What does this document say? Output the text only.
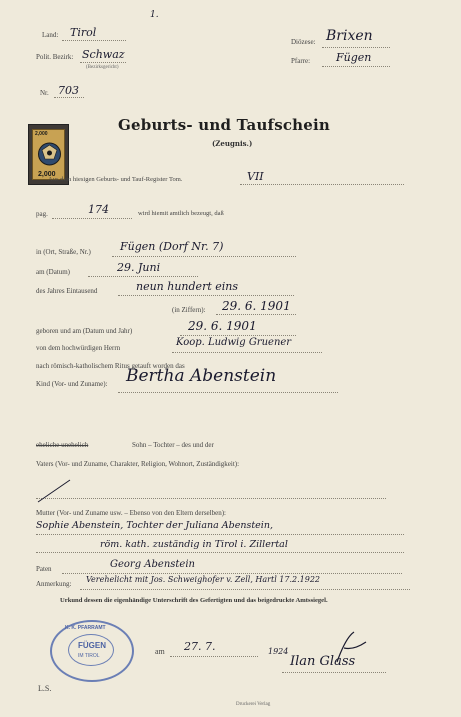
1.
Land: Tirol
Polit. Bezirk: Schwaz
(Bezirksgericht)
Diözese: Brixen
Pfarre: Fügen
Nr. 703
Geburts- und Taufschein
(Zeugnis.)
2,000
2,000
Aus dem hiesigen Geburts- und Tauf-Register Tom.	VII
pag.	174	wird hiemit amtlich bezeugt, daß
in (Ort, Straße, Nr.)	Fügen (Dorf Nr. 7)
am (Datum)	29. Juni
des Jahres Eintausend	neun hundert eins
(in Ziffern): 29. 6. 1901
geboren und am (Datum und Jahr)	29. 6. 1901
von dem hochwürdigen Herrn	Koop. Ludwig Gruener
nach römisch-katholischem Ritus getauft worden das
Kind (Vor- und Zuname): Bertha Abenstein
eheliche unehelich	Sohn – Tochter – des und der
Vaters (Vor- und Zuname, Charakter, Religion, Wohnort, Zuständigkeit):
Mutter (Vor- und Zuname usw. – Ebenso von den Eltern derselben):
Sophie Abenstein, Tochter der Juliana Abenstein,
röm. kath. zuständig in Tirol i. Zillertal
Paten	Georg Abenstein
Anmerkung: Verehelicht mit Jos. Schweighofer v. Zell, Hartl 17.2.1922
Urkund dessen die eigenhändige Unterschrift des Gefertigten und das beigedruckte Amtssiegel.
K. K. PFARRAMT
FÜGEN
IM TIROL
L.S.
am 27. 7.	1924
Ilan Glass
Druckerei Verlag
